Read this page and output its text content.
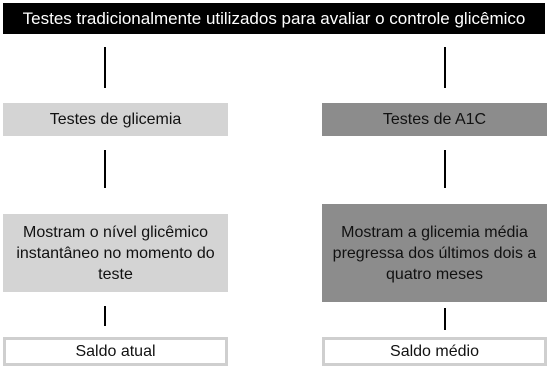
Testes tradicionalmente utilizados para avaliar o controle glicêmico
Testes de glicemia
Mostram o nível glicêmico instantâneo no momento do teste
Saldo atual
Testes de A1C
Mostram a glicemia média pregressa dos últimos dois a quatro meses
Saldo médio
